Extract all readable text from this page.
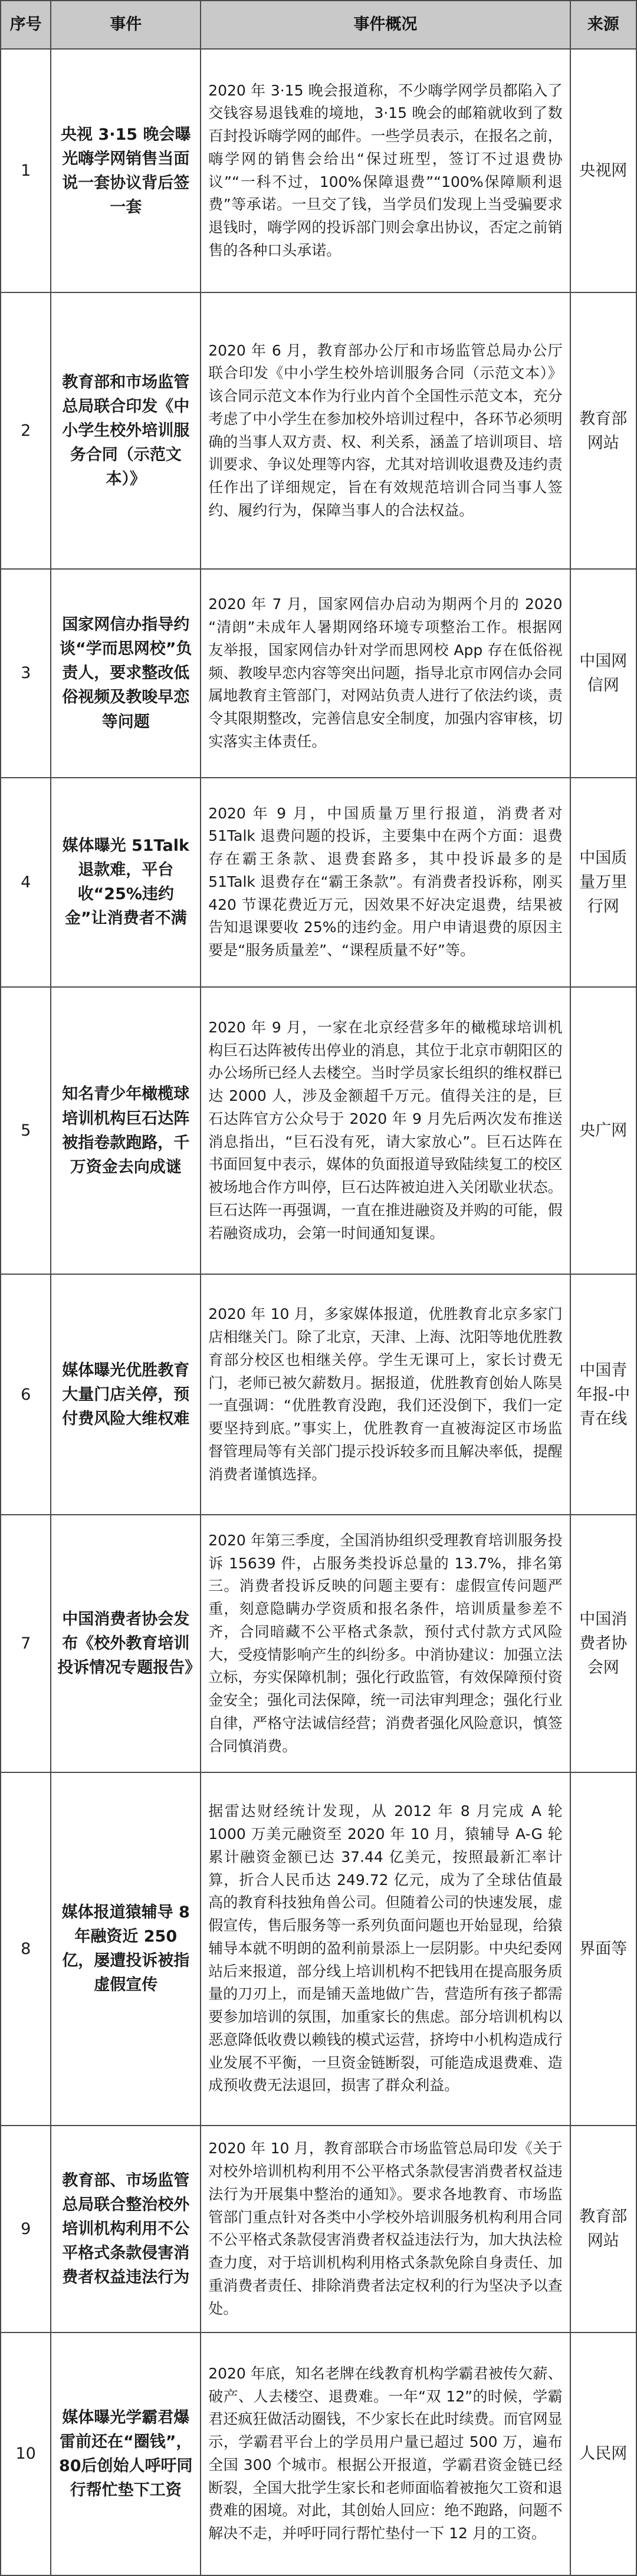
序号	事件	事件概况	来源
1	央视 3·15 晚会曝光嗨学网销售当面说一套协议背后签一套	2020 年 3·15 晚会报道称，不少嗨学网学员都陷入了交钱容易退钱难的境地，3·15 晚会的邮箱就收到了数百封投诉嗨学网的邮件。一些学员表示，在报名之前，嗨学网的销售会给出“保过班型，签订不过退费协议”“一科不过，100%保障退费”“100%保障顺利退费”等承诺。一旦交了钱，当学员们发现上当受骗要求退钱时，嗨学网的投诉部门则会拿出协议，否定之前销售的各种口头承诺。	央视网
2	教育部和市场监管总局联合印发《中小学生校外培训服务合同（示范文本）》	2020 年 6 月，教育部办公厅和市场监管总局办公厅联合印发《中小学生校外培训服务合同（示范文本）》该合同示范文本作为行业内首个全国性示范文本，充分考虑了中小学生在参加校外培训过程中，各环节必须明确的当事人双方责、权、利关系，涵盖了培训项目、培训要求、争议处理等内容，尤其对培训收退费及违约责任作出了详细规定，旨在有效规范培训合同当事人签约、履约行为，保障当事人的合法权益。	教育部网站
3	国家网信办指导约谈“学而思网校”负责人，要求整改低俗视频及教唆早恋等问题	2020 年 7 月，国家网信办启动为期两个月的 2020 “清朗”未成年人暑期网络环境专项整治工作。根据网友举报，国家网信办针对学而思网校 App 存在低俗视频、教唆早恋内容等突出问题，指导北京市网信办会同属地教育主管部门，对网站负责人进行了依法约谈，责令其限期整改，完善信息安全制度，加强内容审核，切实落实主体责任。	中国网信网
4	媒体曝光 51Talk 退款难，平台收“25%违约金”让消费者不满	2020 年 9 月，中国质量万里行报道，消费者对 51Talk 退费问题的投诉，主要集中在两个方面：退费存在霸王条款、退费套路多，其中投诉最多的是 51Talk 退费存在“霸王条款”。有消费者投诉称，刚买 420 节课花费近万元，因效果不好决定退费，结果被告知退课要收 25%的违约金。用户申请退费的原因主要是“服务质量差”、“课程质量不好”等。	中国质量万里行网
5	知名青少年橄榄球培训机构巨石达阵被指卷款跑路，千万资金去向成谜	2020 年 9 月，一家在北京经营多年的橄榄球培训机构巨石达阵被传出停业的消息，其位于北京市朝阳区的办公场所已经人去楼空。当时学员家长组织的维权群已达 2000 人，涉及金额超千万元。值得关注的是，巨石达阵官方公众号于 2020 年 9 月先后两次发布推送消息指出，“巨石没有死，请大家放心”。巨石达阵在书面回复中表示，媒体的负面报道导致陆续复工的校区被场地合作方叫停，巨石达阵被迫进入关闭歇业状态。巨石达阵一再强调，一直在推进融资及并购的可能，假若融资成功，会第一时间通知复课。	央广网
6	媒体曝光优胜教育大量门店关停，预付费风险大维权难	2020 年 10 月，多家媒体报道，优胜教育北京多家门店相继关门。除了北京，天津、上海、沈阳等地优胜教育部分校区也相继关停。学生无课可上，家长讨费无门，老师已被欠薪数月。据报道，优胜教育创始人陈昊一直强调：“优胜教育没跑，我们还没倒下，我们一定要坚持到底。”事实上，优胜教育一直被海淀区市场监督管理局等有关部门提示投诉较多而且解决率低，提醒消费者谨慎选择。	中国青年报-中青在线
7	中国消费者协会发布《校外教育培训投诉情况专题报告》	2020 年第三季度，全国消协组织受理教育培训服务投诉 15639 件，占服务类投诉总量的 13.7%，排名第三。消费者投诉反映的问题主要有：虚假宣传问题严重，刻意隐瞒办学资质和报名条件，培训质量参差不齐，合同暗藏不公平格式条款，预付式付款方式风险大，受疫情影响产生的纠纷多。中消协建议：加强立法立标，夯实保障机制；强化行政监管，有效保障预付资金安全；强化司法保障，统一司法审判理念；强化行业自律，严格守法诚信经营；消费者强化风险意识，慎签合同慎消费。	中国消费者协会网
8	媒体报道猿辅导 8 年融资近 250 亿，屡遭投诉被指虚假宣传	据雷达财经统计发现，从 2012 年 8 月完成 A 轮 1000 万美元融资至 2020 年 10 月，猿辅导 A-G 轮累计融资金额已达 37.44 亿美元，按照最新汇率计算，折合人民币达 249.72 亿元，成为了全球估值最高的教育科技独角兽公司。但随着公司的快速发展，虚假宣传，售后服务等一系列负面问题也开始显现，给猿辅导本就不明朗的盈利前景添上一层阴影。中央纪委网站后来报道，部分线上培训机构不把钱用在提高服务质量的刀刃上，而是铺天盖地做广告，营造所有孩子都需要参加培训的氛围，加重家长的焦虑。部分培训机构以恶意降低收费以赖钱的模式运营，挤垮中小机构造成行业发展不平衡，一旦资金链断裂，可能造成退费难、造成预收费无法退回，损害了群众利益。	界面等
9	教育部、市场监管总局联合整治校外培训机构利用不公平格式条款侵害消费者权益违法行为	2020 年 10 月，教育部联合市场监管总局印发《关于对校外培训机构利用不公平格式条款侵害消费者权益违法行为开展集中整治的通知》。要求各地教育、市场监管部门重点针对各类中小学校外培训服务机构利用合同不公平格式条款侵害消费者权益违法行为，加大执法检查力度，对于培训机构利用格式条款免除自身责任、加重消费者责任、排除消费者法定权利的行为坚决予以查处。	教育部网站
10	媒体曝光学霸君爆雷前还在“圈钱”，80后创始人呼吁同行帮忙垫下工资	2020 年底，知名老牌在线教育机构学霸君被传欠薪、破产、人去楼空、退费难。一年“双 12”的时候，学霸君还疯狂做活动圈钱，不少家长在此时续费。而官网显示，学霸君平台上的学员用户量已超过 500 万，遍布全国 300 个城市。根据公开报道，学霸君资金链已经断裂，全国大批学生家长和老师面临着被拖欠工资和退费难的困境。对此，其创始人回应：绝不跑路，问题不解决不走，并呼吁同行帮忙垫付一下 12 月的工资。	人民网
